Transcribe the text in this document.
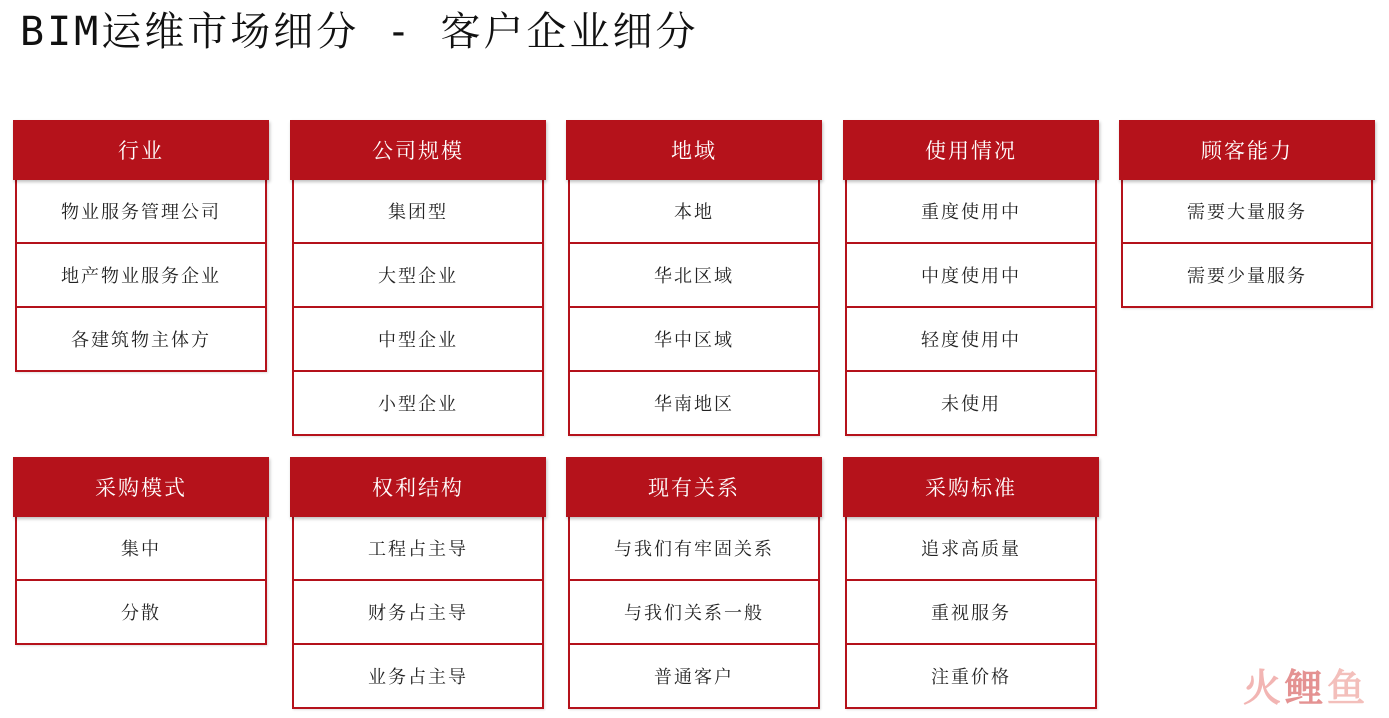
BIM运维市场细分 - 客户企业细分
行业
物业服务管理公司
地产物业服务企业
各建筑物主体方
公司规模
集团型
大型企业
中型企业
小型企业
地域
本地
华北区域
华中区域
华南地区
使用情况
重度使用中
中度使用中
轻度使用中
未使用
顾客能力
需要大量服务
需要少量服务
采购模式
集中
分散
权利结构
工程占主导
财务占主导
业务占主导
现有关系
与我们有牢固关系
与我们关系一般
普通客户
采购标准
追求高质量
重视服务
注重价格	火 鲤 鱼
